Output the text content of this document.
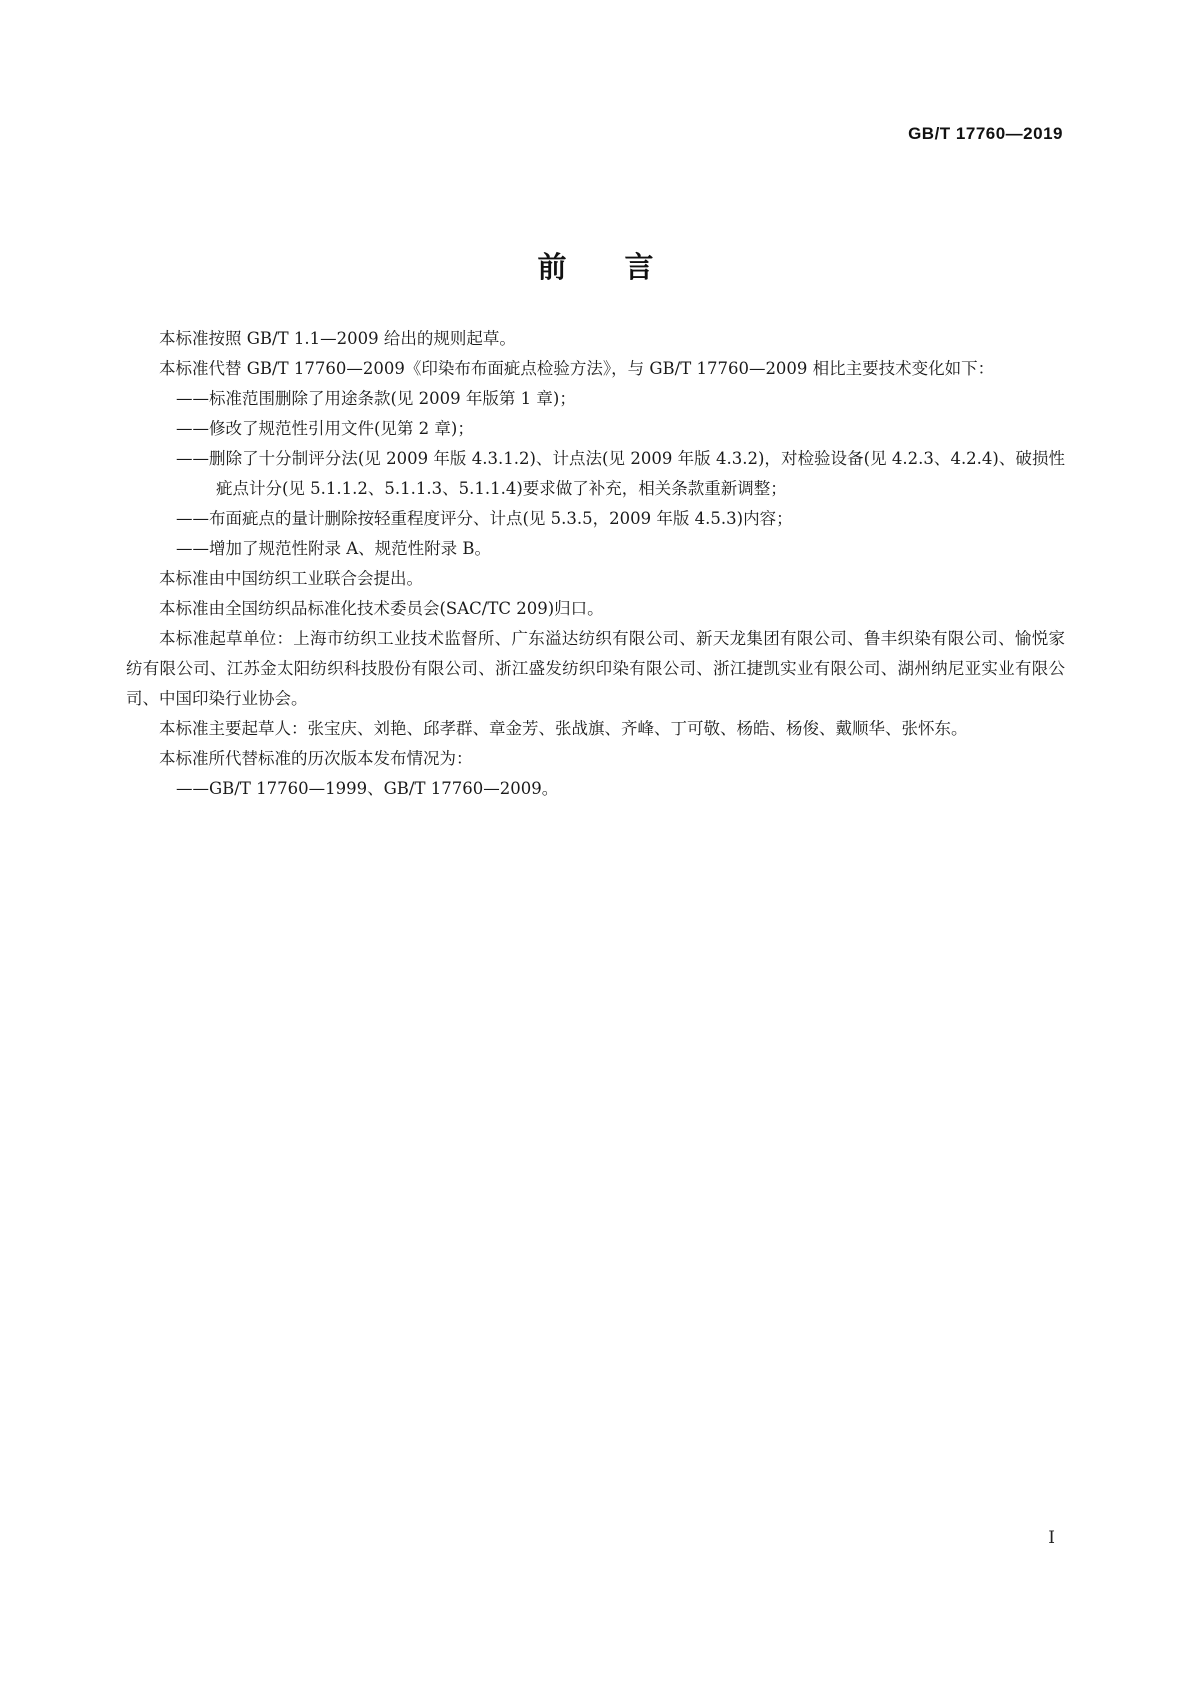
GB/T 17760—2019
前言

本标准按照 GB/T 1.1—2009 给出的规则起草。

本标准代替 GB/T 17760—2009《印染布布面疵点检验方法》，与 GB/T 17760—2009 相比主要技术变化如下：

——标准范围删除了用途条款(见 2009 年版第 1 章)；

——修改了规范性引用文件(见第 2 章)；

——删除了十分制评分法(见 2009 年版 4.3.1.2)、计点法(见 2009 年版 4.3.2)，对检验设备(见 4.2.3、4.2.4)、破损性疵点计分(见 5.1.1.2、5.1.1.3、5.1.1.4)要求做了补充，相关条款重新调整；

——布面疵点的量计删除按轻重程度评分、计点(见 5.3.5，2009 年版 4.5.3)内容；

——增加了规范性附录 A、规范性附录 B。

本标准由中国纺织工业联合会提出。

本标准由全国纺织品标准化技术委员会(SAC/TC 209)归口。

本标准起草单位：上海市纺织工业技术监督所、广东溢达纺织有限公司、新天龙集团有限公司、鲁丰织染有限公司、愉悦家纺有限公司、江苏金太阳纺织科技股份有限公司、浙江盛发纺织印染有限公司、浙江捷凯实业有限公司、湖州纳尼亚实业有限公司、中国印染行业协会。

本标准主要起草人：张宝庆、刘艳、邱孝群、章金芳、张战旗、齐峰、丁可敬、杨皓、杨俊、戴顺华、张怀东。

本标准所代替标准的历次版本发布情况为：

——GB/T 17760—1999、GB/T 17760—2009。

I
